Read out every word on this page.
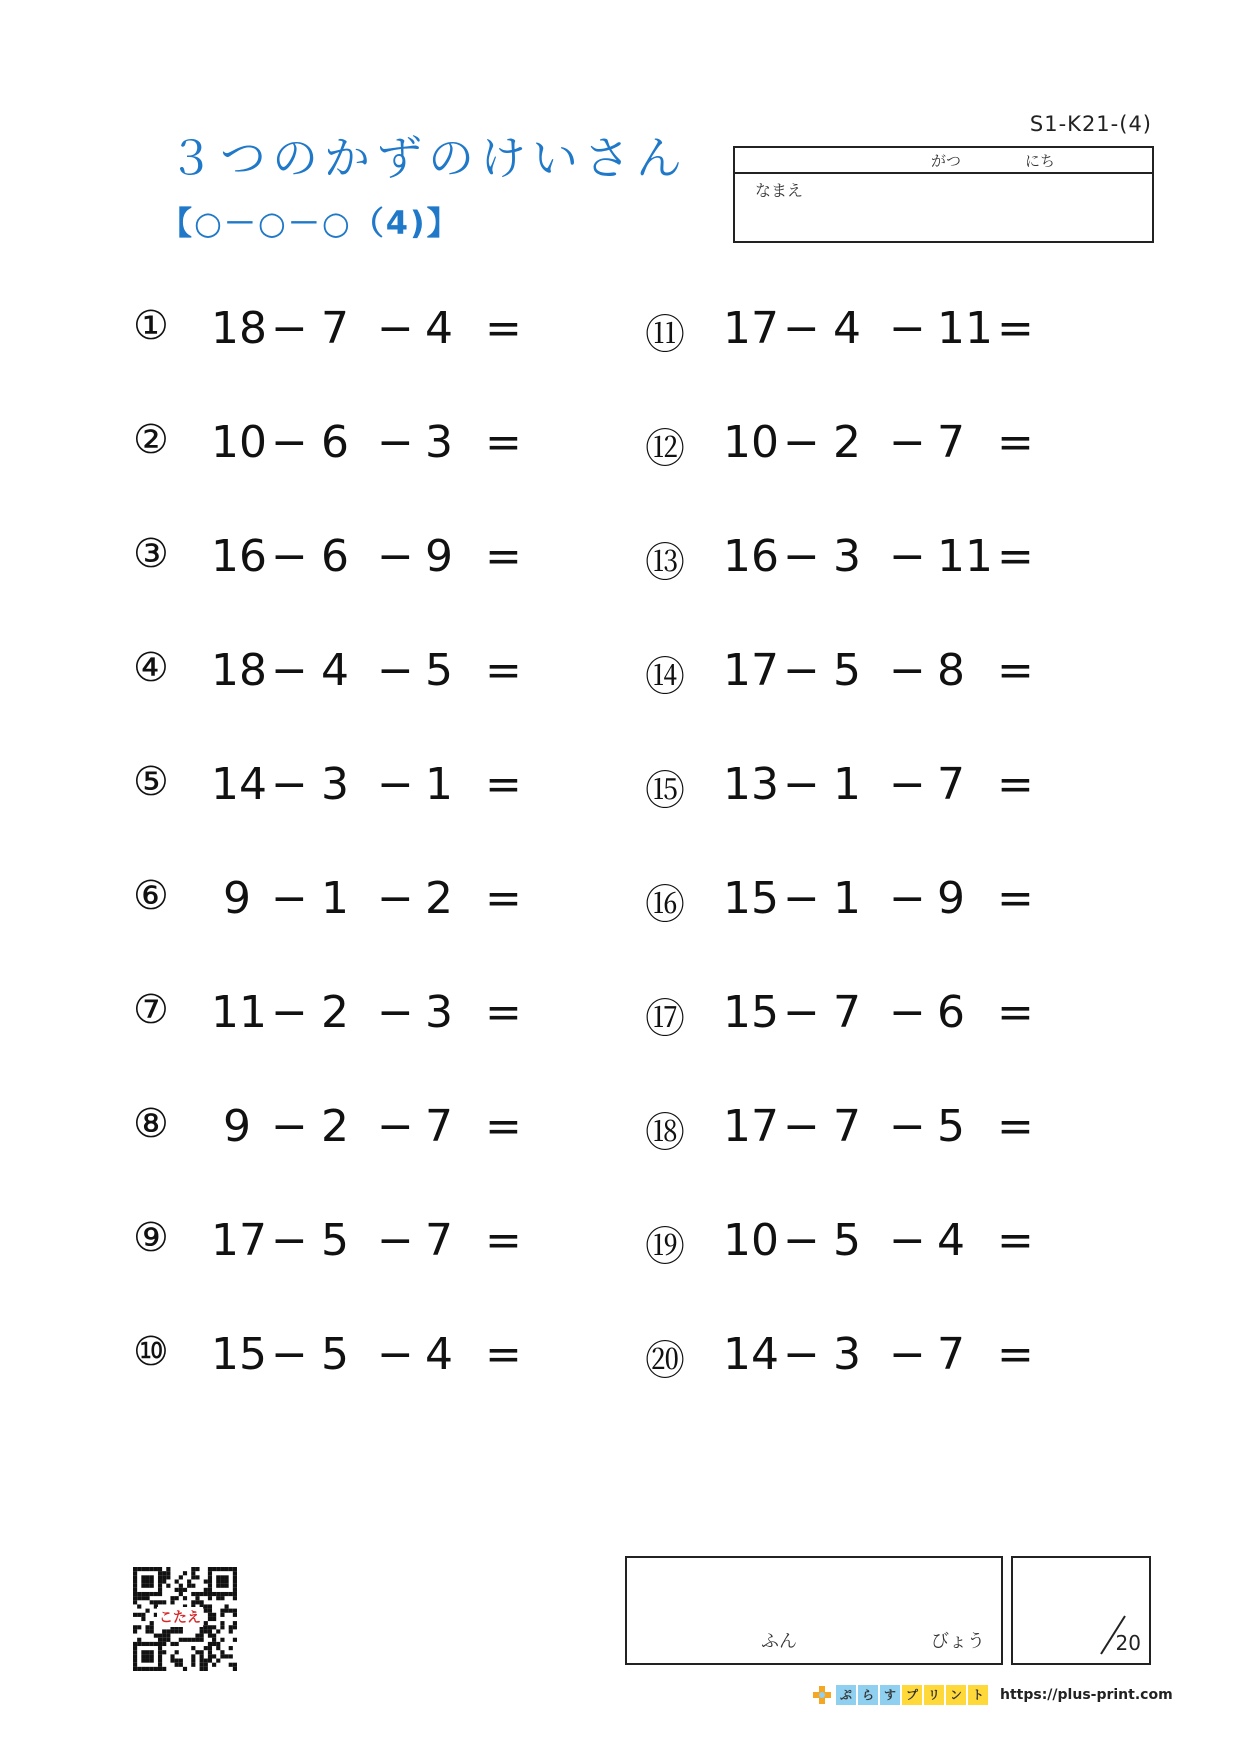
S1-K21-(4)
３つのかずのけいさん
【○－○－○（4)】
がつ	にち
なまえ
① 18 − 7 − 4 =
② 10 − 6 − 3 =
③ 16 − 6 − 9 =
④ 18 − 4 − 5 =
⑤ 14 − 3 − 1 =
⑥ 9 − 1 − 2 =
⑦ 11 − 2 − 3 =
⑧ 9 − 2 − 7 =
⑨ 17 − 5 − 7 =
⑩ 15 − 5 − 4 =
⑪ 17 − 4 − 11 =
⑫ 10 − 2 − 7 =
⑬ 16 − 3 − 11 =
⑭ 17 − 5 − 8 =
⑮ 13 − 1 − 7 =
⑯ 15 − 1 − 9 =
⑰ 15 − 7 − 6 =
⑱ 17 − 7 − 5 =
⑲ 10 − 5 − 4 =
⑳ 14 − 3 − 7 =
こたえ
ふん	びょう	20
ぷ ら す プ リ ン ト https://plus-print.com
